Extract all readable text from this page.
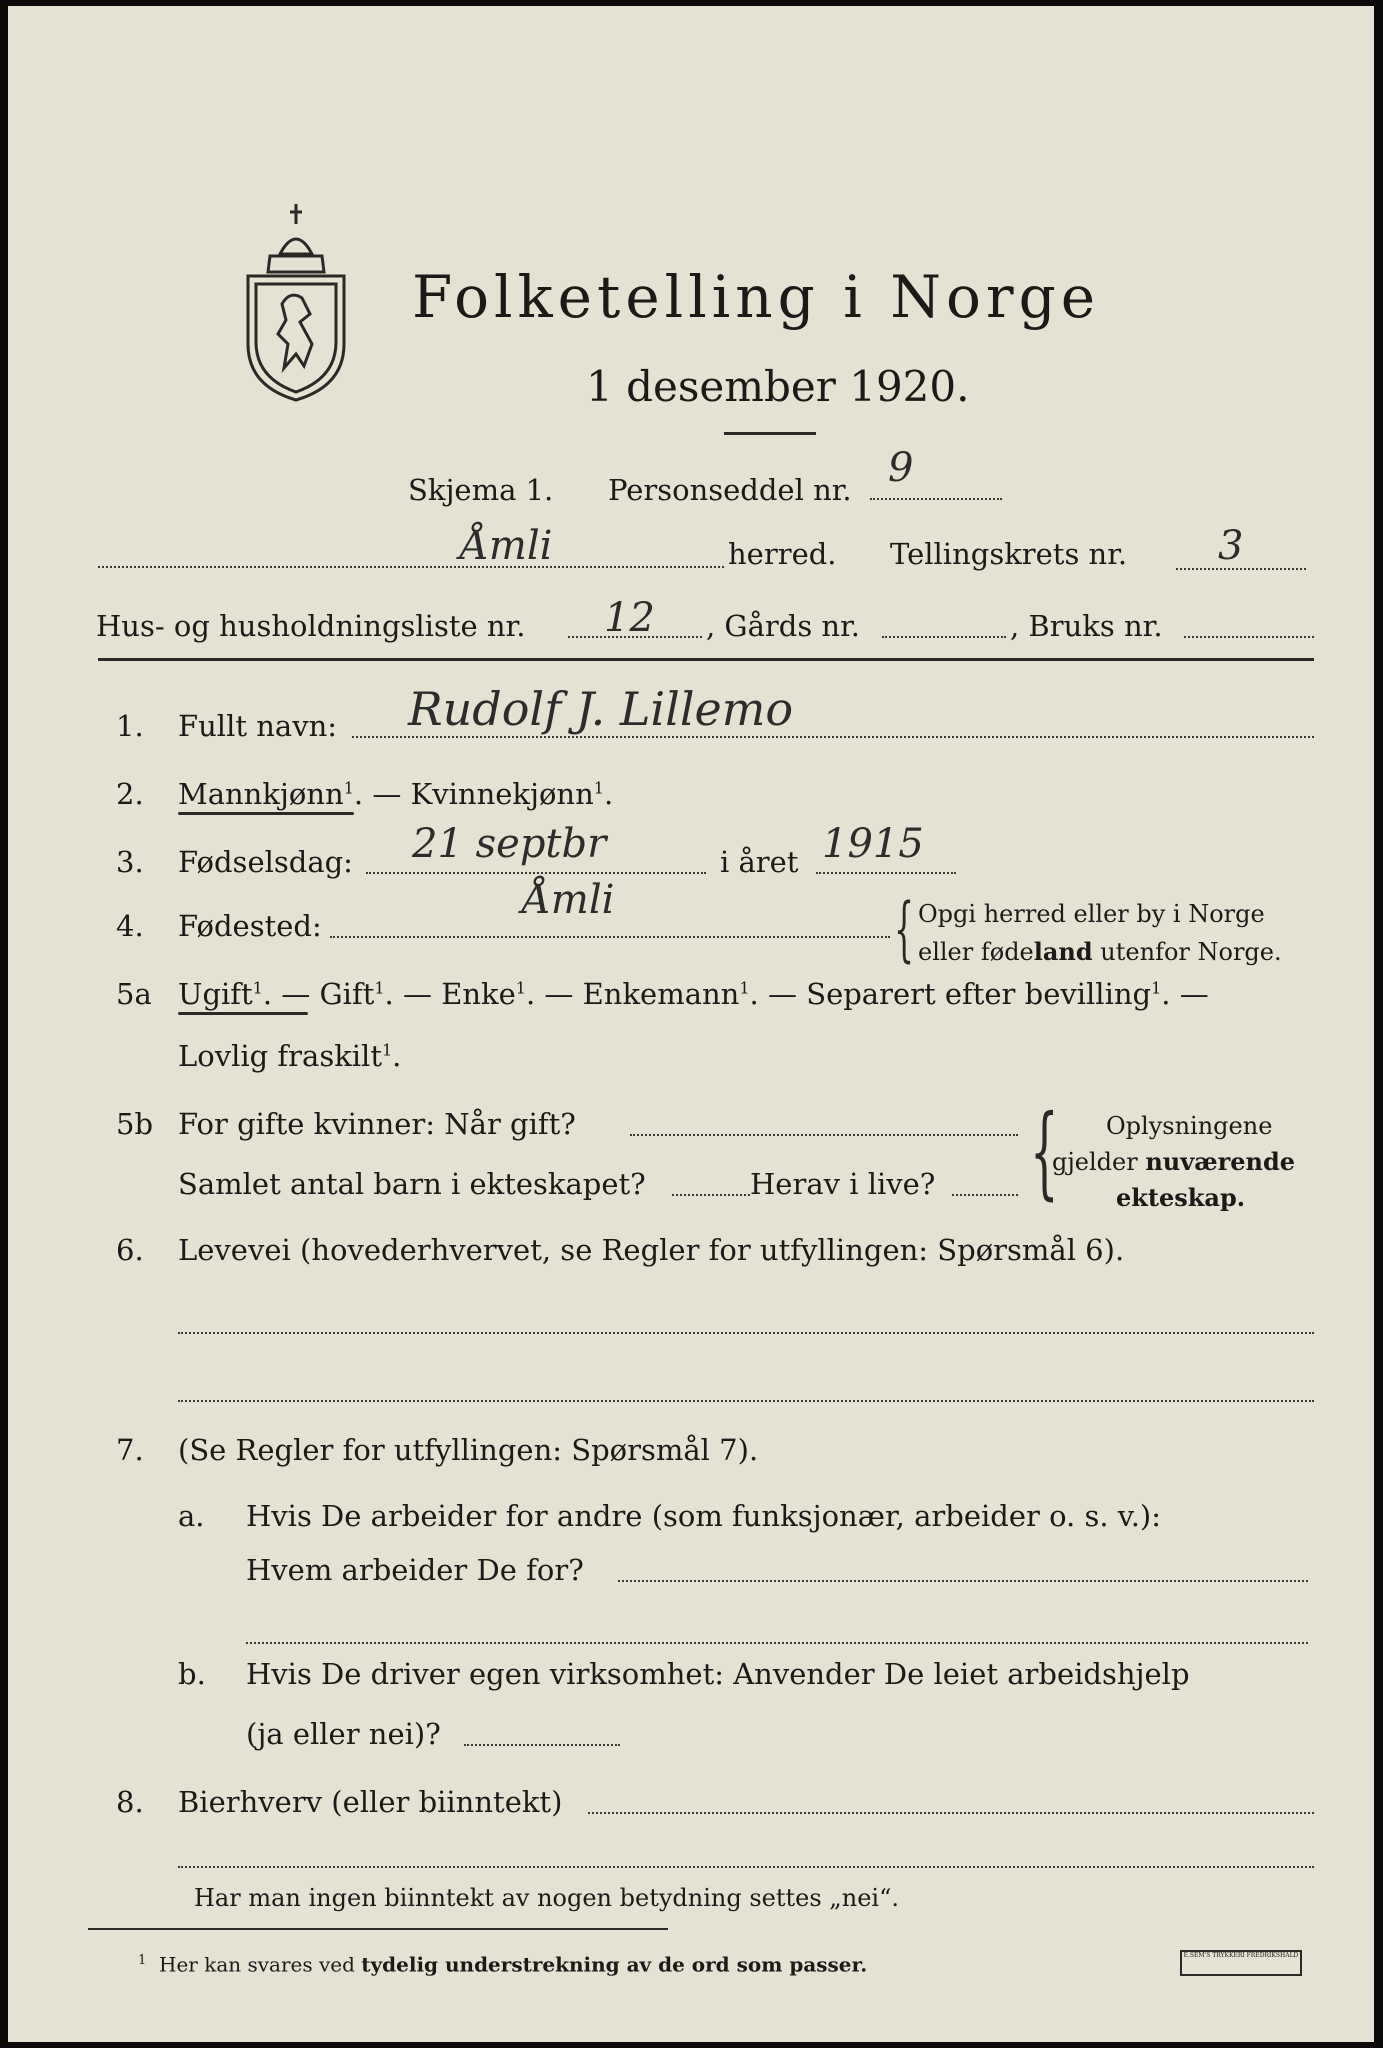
Folketelling i Norge
1 desember 1920.
Skjema 1. Personseddel nr. 9
Åmli	herred. Tellingskrets nr. 3
Hus- og husholdningsliste nr. 12 , Gårds nr.	, Bruks nr.
1. Fullt navn: Rudolf J. Lillemo
2. Mannkjønn$^1$. — Kvinnekjønn$^1$.
3. Fødselsdag: 21 septbr	i året 1915
4. Fødested:
Åmli	{ Opgi herred eller by i Norge
eller fødeland utenfor Norge.
5a Ugift$^1$. — Gift$^1$. — Enke$^1$. — Enkemann$^1$. — Separert efter bevilling$^1$. —
Lovlig fraskilt$^1$.
5b For gifte kvinner: Når gift?
Samlet antal barn i ekteskapet?	Herav i live? { Oplysningene
gjelder nuværende
ekteskap.
6. Levevei (hovederhvervet, se Regler for utfyllingen: Spørsmål 6).
7. (Se Regler for utfyllingen: Spørsmål 7).
a. Hvis De arbeider for andre (som funksjonær, arbeider o. s. v.):
Hvem arbeider De for?
b. Hvis De driver egen virksomhet: Anvender De leiet arbeidshjelp
(ja eller nei)?
8. Bierhverv (eller biinntekt)
Har man ingen biinntekt av nogen betydning settes „nei“.
$^1$ Her kan svares ved tydelig understrekning av de ord som passer.	E.SEM'S TRYKKERI FREDRIKSHALD
